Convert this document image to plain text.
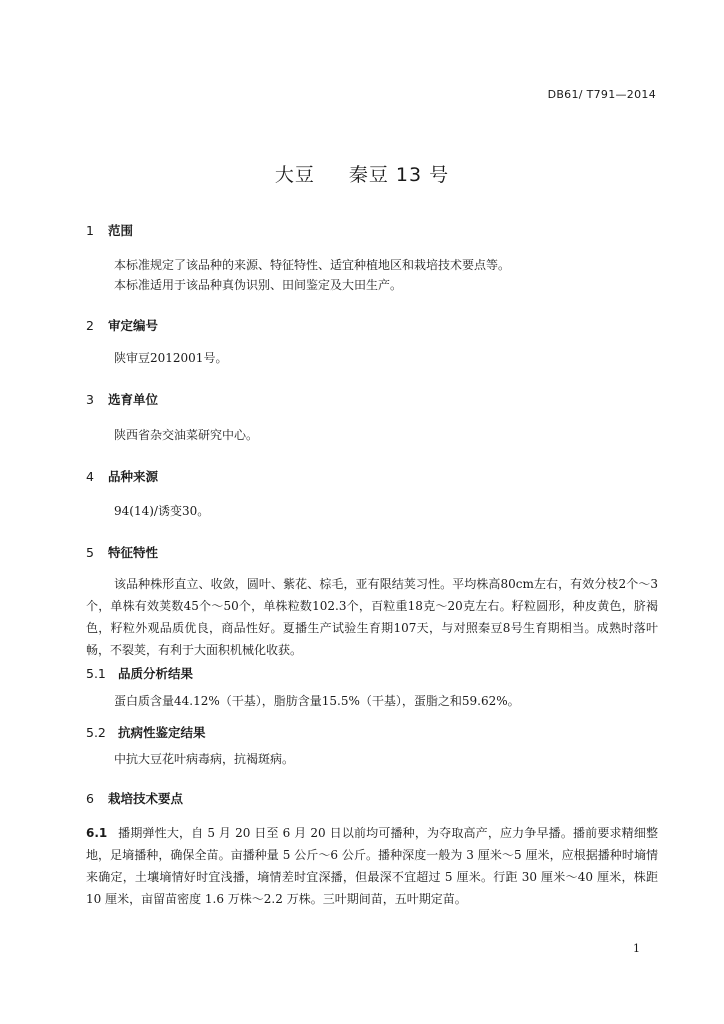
DB61/ T791—2014
大豆 秦豆 13 号
1 范围
本标准规定了该品种的来源、特征特性、适宜种植地区和栽培技术要点等。
本标准适用于该品种真伪识别、田间鉴定及大田生产。
2 审定编号
陕审豆2012001号。
3 选育单位
陕西省杂交油菜研究中心。
4 品种来源
94(14)/诱变30。
5 特征特性
该品种株形直立、收敛，圆叶、紫花、棕毛，亚有限结荚习性。平均株高80cm左右，有效分枝2个～3个，单株有效荚数45个～50个，单株粒数102.3个，百粒重18克～20克左右。籽粒圆形，种皮黄色，脐褐色，籽粒外观品质优良，商品性好。夏播生产试验生育期107天，与对照秦豆8号生育期相当。成熟时落叶畅，不裂荚，有利于大面积机械化收获。
5.1 品质分析结果
蛋白质含量44.12%（干基），脂肪含量15.5%（干基），蛋脂之和59.62%。
5.2 抗病性鉴定结果
中抗大豆花叶病毒病，抗褐斑病。
6 栽培技术要点
6.1 播期弹性大，自 5 月 20 日至 6 月 20 日以前均可播种，为夺取高产，应力争早播。播前要求精细整地，足墒播种，确保全苗。亩播种量 5 公斤～6 公斤。播种深度一般为 3 厘米～5 厘米，应根据播种时墒情来确定，土壤墒情好时宜浅播，墒情差时宜深播，但最深不宜超过 5 厘米。行距 30 厘米～40 厘米，株距 10 厘米，亩留苗密度 1.6 万株～2.2 万株。三叶期间苗，五叶期定苗。
1
